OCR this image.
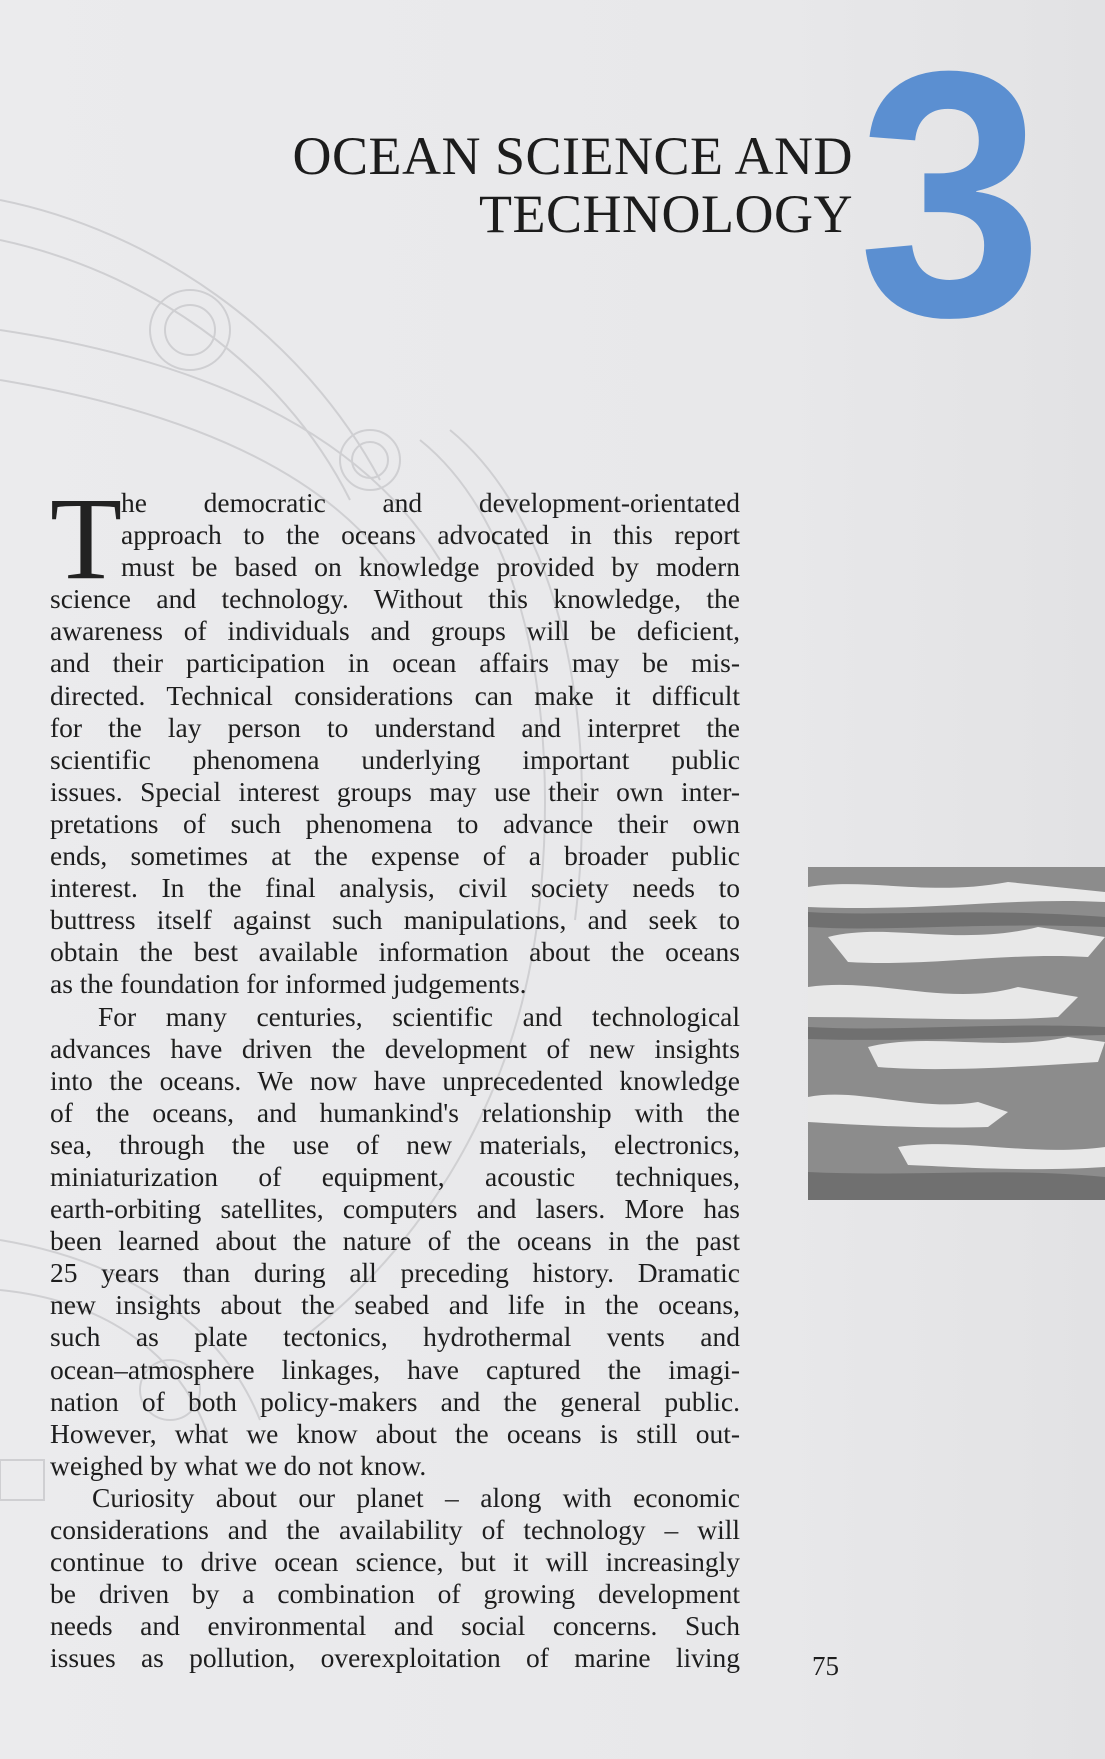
OCEAN SCIENCE AND
TECHNOLOGY 3
T
he democratic and development-orientated
approach to the oceans advocated in this report
must be based on knowledge provided by modern
science and technology. Without this knowledge, the
awareness of individuals and groups will be deficient,
and their participation in ocean affairs may be mis-
directed. Technical considerations can make it difficult
for the lay person to understand and interpret the
scientific phenomena underlying important public
issues. Special interest groups may use their own inter-
pretations of such phenomena to advance their own
ends, sometimes at the expense of a broader public
interest. In the final analysis, civil society needs to
buttress itself against such manipulations, and seek to
obtain the best available information about the oceans
as the foundation for informed judgements.
For many centuries, scientific and technological
advances have driven the development of new insights
into the oceans. We now have unprecedented knowledge
of the oceans, and humankind's relationship with the
sea, through the use of new materials, electronics,
miniaturization of equipment, acoustic techniques,
earth-orbiting satellites, computers and lasers. More has
been learned about the nature of the oceans in the past
25 years than during all preceding history. Dramatic
new insights about the seabed and life in the oceans,
such as plate tectonics, hydrothermal vents and
ocean–atmosphere linkages, have captured the imagi-
nation of both policy-makers and the general public.
However, what we know about the oceans is still out-
weighed by what we do not know.
Curiosity about our planet – along with economic
considerations and the availability of technology – will
continue to drive ocean science, but it will increasingly
be driven by a combination of growing development
needs and environmental and social concerns. Such
issues as pollution, overexploitation of marine living	75
